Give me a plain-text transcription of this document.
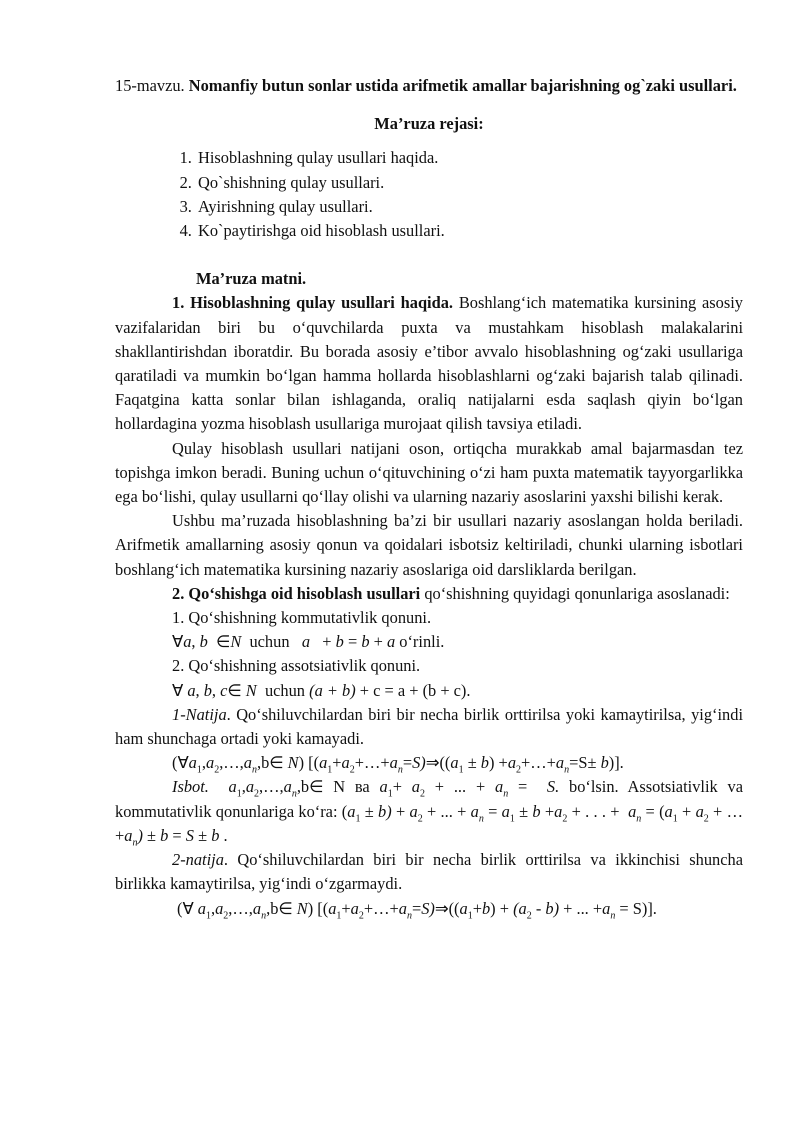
15-mavzu. Nomanfiy butun sonlar ustida arifmetik amallar bajarishning og`zaki usullari.

Ma’ruza rejasi:

1. Hisoblashning qulay usullari haqida.
2. Qo`shishning qulay usullari.
3. Ayirishning qulay usullari.
4. Ko`paytirishga oid hisoblash usullari.

Ma’ruza matni.

1. Hisoblashning qulay usullari haqida. Boshlang‘ich matematika kursining asosiy vazifalaridan biri bu o‘quvchilarda puxta va mustahkam hisoblash malakalarini shakllantirishdan iboratdir. Bu borada asosiy e’tibor avvalo hisoblashning og‘zaki usullariga qaratiladi va mumkin bo‘lgan hamma hollarda hisoblashlarni og‘zaki bajarish talab qilinadi. Faqatgina katta sonlar bilan ishlaganda, oraliq natijalarni esda saqlash qiyin bo‘lgan hollardagina yozma hisoblash usullariga murojaat qilish tavsiya etiladi.

Qulay hisoblash usullari natijani oson, ortiqcha murakkab amal bajarmasdan tez topishga imkon beradi. Buning uchun o‘qituvchining o‘zi ham puxta matematik tayyorgarlikka ega bo‘lishi, qulay usullarni qo‘llay olishi va ularning nazariy asoslarini yaxshi bilishi kerak.

Ushbu ma’ruzada hisoblashning ba’zi bir usullari nazariy asoslangan holda beriladi. Arifmetik amallarning asosiy qonun va qoidalari isbotsiz keltiriladi, chunki ularning isbotlari boshlang‘ich matematika kursining nazariy asoslariga oid darsliklarda berilgan.

2. Qo‘shishga oid hisoblash usullari qo‘shishning quyidagi qonunlariga asoslanadi:

1. Qo‘shishning kommutativlik qonuni.

∀a, b  ∈N uchun a   + b = b + a o‘rinli.

2. Qo‘shishning assotsiativlik qonuni.

∀ a, b, c∈ N uchun (a + b) + c = a + (b + c).

1-Natija. Qo‘shiluvchilardan biri bir necha birlik orttirilsa yoki kamaytirilsa, yig‘indi ham shunchaga ortadi yoki kamayadi.

($\forall a_1,a_2,\dots,a_n,b\in$ N) [$(a_1+a_2+\dots+a_n=S)\Rightarrow((a_1 \pm b)$ $+a_2+\dots+a_n=S\pm b$)].

Isbot. $a_1,a_2,\dots,a_n,b\in$ N ва $a_1+ a_2$ + ... + $a_n = S$. bo‘lsin. Assotsiativlik va kommutativlik qonunlariga ko‘ra: $(a_1 \pm b) + a_2$ + ... + $a_n = a_1 \pm b +a_2$ + . . . +  $a_n = (a_1 + a_2$ + … $+a_n) \pm b = S \pm b$ .

2-natija. Qo‘shiluvchilardan biri bir necha birlik orttirilsa va ikkinchisi shuncha birlikka kamaytirilsa, yig‘indi o‘zgarmaydi.

(∀ $a_1,a_2,\dots,a_n,b\in$ N) [$(a_1+a_2+\dots+a_n=S)\Rightarrow((a_1+b) + (a_2 - b)$ + ... $+a_n = S$)].
